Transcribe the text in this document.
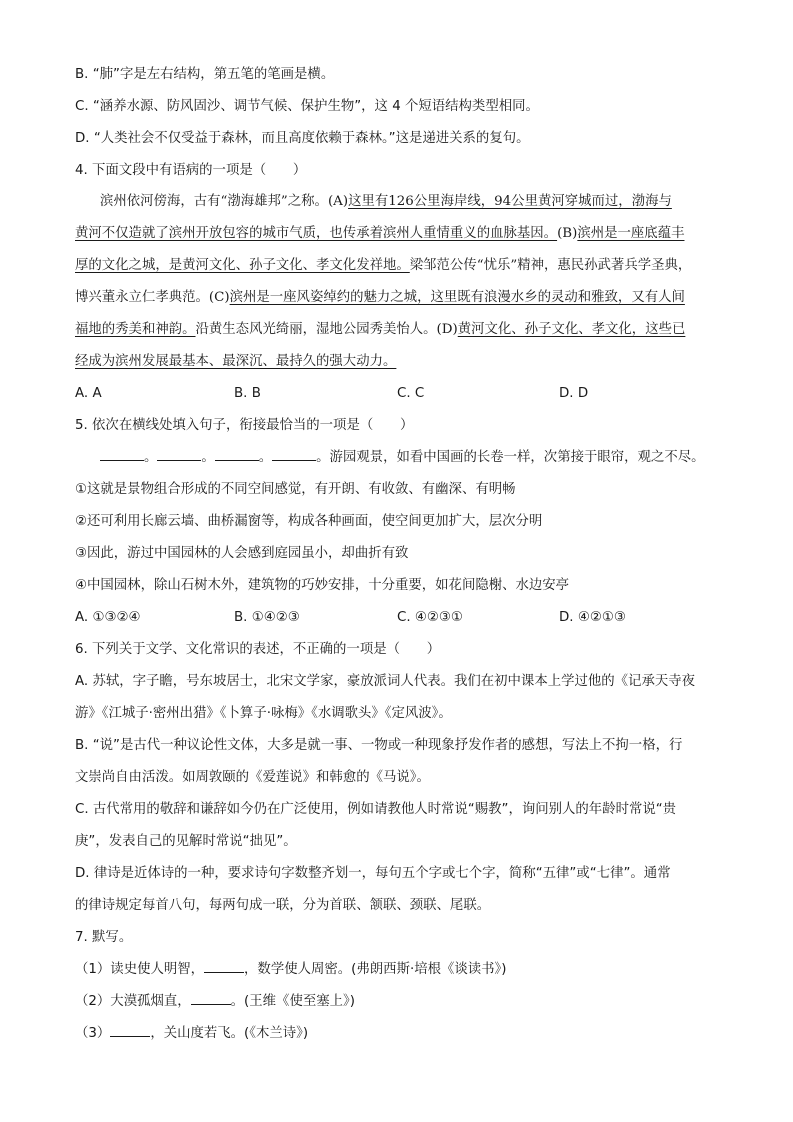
B. “肺”字是左右结构，第五笔的笔画是横。
C. “涵养水源、防风固沙、调节气候、保护生物”，这 4 个短语结构类型相同。
D. “人类社会不仅受益于森林，而且高度依赖于森林。”这是递进关系的复句。
4. 下面文段中有语病的一项是（　　）
滨州依河傍海，古有“渤海雄邦”之称。(A)这里有126公里海岸线，94公里黄河穿城而过，渤海与
黄河不仅造就了滨州开放包容的城市气质，也传承着滨州人重情重义的血脉基因。(B)滨州是一座底蕴丰
厚的文化之城，是黄河文化、孙子文化、孝文化发祥地。梁邹范公传“忧乐”精神，惠民孙武著兵学圣典，
博兴董永立仁孝典范。(C)滨州是一座风姿绰约的魅力之城，这里既有浪漫水乡的灵动和雅致，又有人间
福地的秀美和神韵。沿黄生态风光绮丽，湿地公园秀美怡人。(D)黄河文化、孙子文化、孝文化，这些已
经成为滨州发展最基本、最深沉、最持久的强大动力。
A. A	B. B	C. C	D. D
5. 依次在横线处填入句子，衔接最恰当的一项是（　　）
。	。	。	。游园观景，如看中国画的长卷一样，次第接于眼帘，观之不尽。
①这就是景物组合形成的不同空间感觉，有开朗、有收敛、有幽深、有明畅
②还可利用长廊云墙、曲桥漏窗等，构成各种画面，使空间更加扩大，层次分明
③因此，游过中国园林的人会感到庭园虽小，却曲折有致
④中国园林，除山石树木外，建筑物的巧妙安排，十分重要，如花间隐榭、水边安亭
A. ①③②④	B. ①④②③	C. ④②③①	D. ④②①③
6. 下列关于文学、文化常识的表述，不正确的一项是（　　）
A. 苏轼，字子瞻，号东坡居士，北宋文学家，豪放派词人代表。我们在初中课本上学过他的《记承天寺夜
游》《江城子·密州出猎》《卜算子·咏梅》《水调歌头》《定风波》。
B. “说”是古代一种议论性文体，大多是就一事、一物或一种现象抒发作者的感想，写法上不拘一格，行
文崇尚自由活泼。如周敦颐的《爱莲说》和韩愈的《马说》。
C. 古代常用的敬辞和谦辞如今仍在广泛使用，例如请教他人时常说“赐教”，询问别人的年龄时常说“贵
庚”，发表自己的见解时常说“拙见”。
D. 律诗是近体诗的一种，要求诗句字数整齐划一，每句五个字或七个字，简称“五律”或“七律”。通常
的律诗规定每首八句，每两句成一联，分为首联、颔联、颈联、尾联。
7. 默写。
（1）读史使人明智，	，数学使人周密。(弗朗西斯·培根《谈读书》)
（2）大漠孤烟直，	。(王维《使至塞上》)
（3）	，关山度若飞。(《木兰诗》)
